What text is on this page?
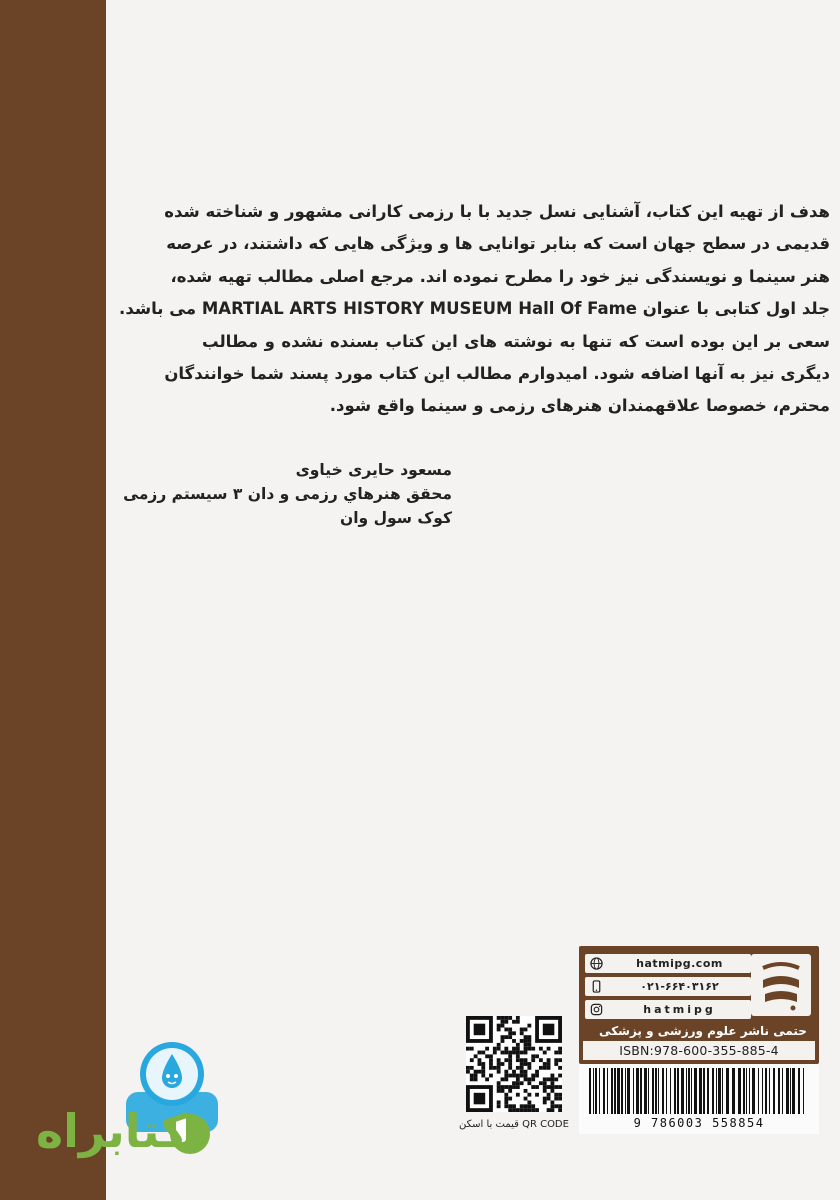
هدف از تهیه این کتاب، آشنایی نسل جدید با با رزمی کارانی مشهور و شناخته شده
قدیمی در سطح جهان است که بنابر توانایی ها و ویژگی هایی که داشتند، در عرصه
هنر سینما و نویسندگی نیز خود را مطرح نموده اند. مرجع اصلی مطالب تهیه شده،
جلد اول کتابی با عنوان MARTIAL ARTS HISTORY MUSEUM Hall Of Fame می باشد.
سعی بر این بوده است که تنها به نوشته های این کتاب بسنده نشده و مطالب
دیگری نیز به آنها اضافه شود. امیدوارم مطالب این کتاب مورد پسند شما خوانندگان
محترم، خصوصا علاقهمندان هنرهای رزمی و سینما واقع شود.
مسعود حایری خیاوی
محقق هنرهاي رزمی و دان ۳ سیستم رزمی
کوک سول وان
hatmipg.com
۰۲۱-۶۶۴۰۳۱۶۲
hatmipg
حتمی ناشر علوم ورزشی و پزشکی
ISBN:978-600-355-885-4
9 786003 558854
قیمت با اسکن QR CODE
کتابراه
